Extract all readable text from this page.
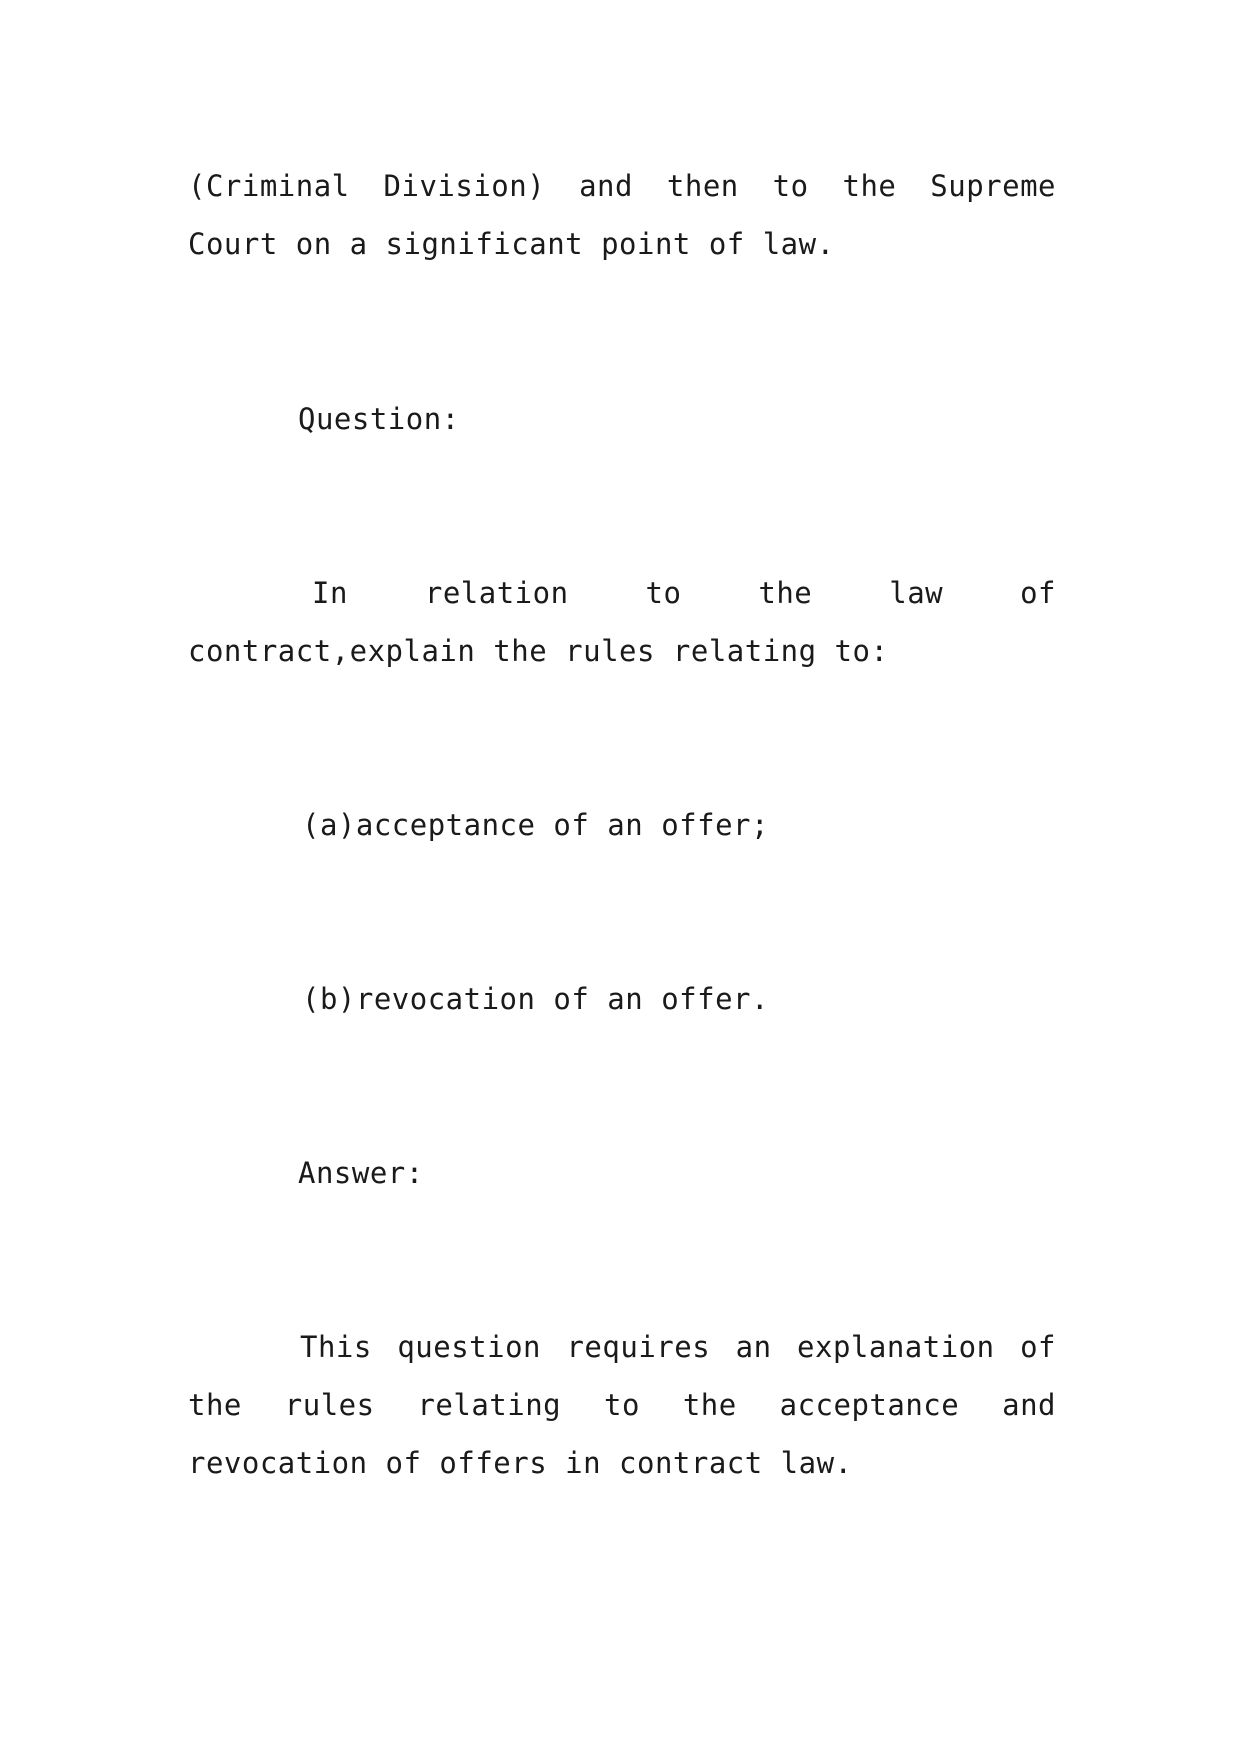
(Criminal Division) and then to the Supreme Court on a significant point of law.

Question:

In relation to the law of contract,explain the rules relating to:

(a)acceptance of an offer;

(b)revocation of an offer.

Answer:

This question requires an explanation of the rules relating to the acceptance and revocation of offers in contract law.
